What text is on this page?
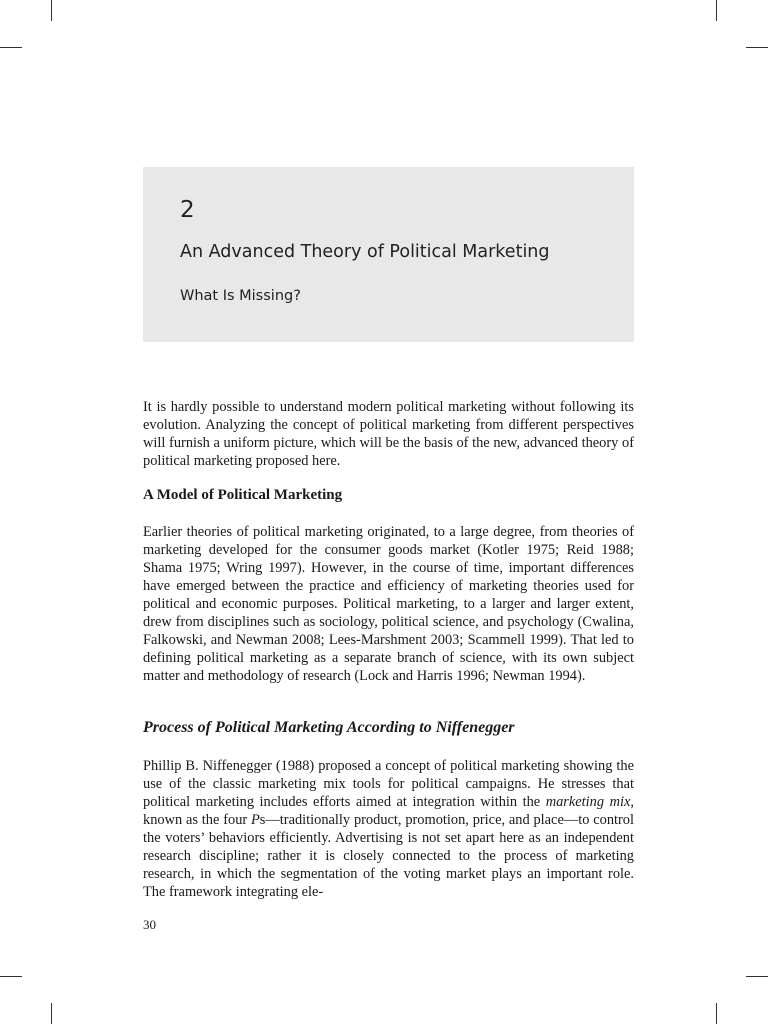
2
An Advanced Theory of Political Marketing
What Is Missing?

It is hardly possible to understand modern political marketing without following its evolution. Analyzing the concept of political marketing from different perspectives will furnish a uniform picture, which will be the basis of the new, advanced theory of political marketing proposed here.

A Model of Political Marketing

Earlier theories of political marketing originated, to a large degree, from theories of marketing developed for the consumer goods market (Kotler 1975; Reid 1988; Shama 1975; Wring 1997). However, in the course of time, important differences have emerged between the practice and efficiency of marketing theories used for political and economic purposes. Political marketing, to a larger and larger extent, drew from disciplines such as sociology, political science, and psychology (Cwalina, Falkowski, and Newman 2008; Lees-Marshment 2003; Scammell 1999). That led to defining political marketing as a separate branch of science, with its own subject matter and methodology of research (Lock and Harris 1996; Newman 1994).

Process of Political Marketing According to Niffenegger

Phillip B. Niffenegger (1988) proposed a concept of political marketing showing the use of the classic marketing mix tools for political campaigns. He stresses that political marketing includes efforts aimed at integration within the marketing mix, known as the four Ps—traditionally product, promotion, price, and place—to control the voters’ behaviors efficiently. Advertising is not set apart here as an independent research discipline; rather it is closely connected to the process of marketing research, in which the segmentation of the voting market plays an important role. The framework integrating ele-

30
